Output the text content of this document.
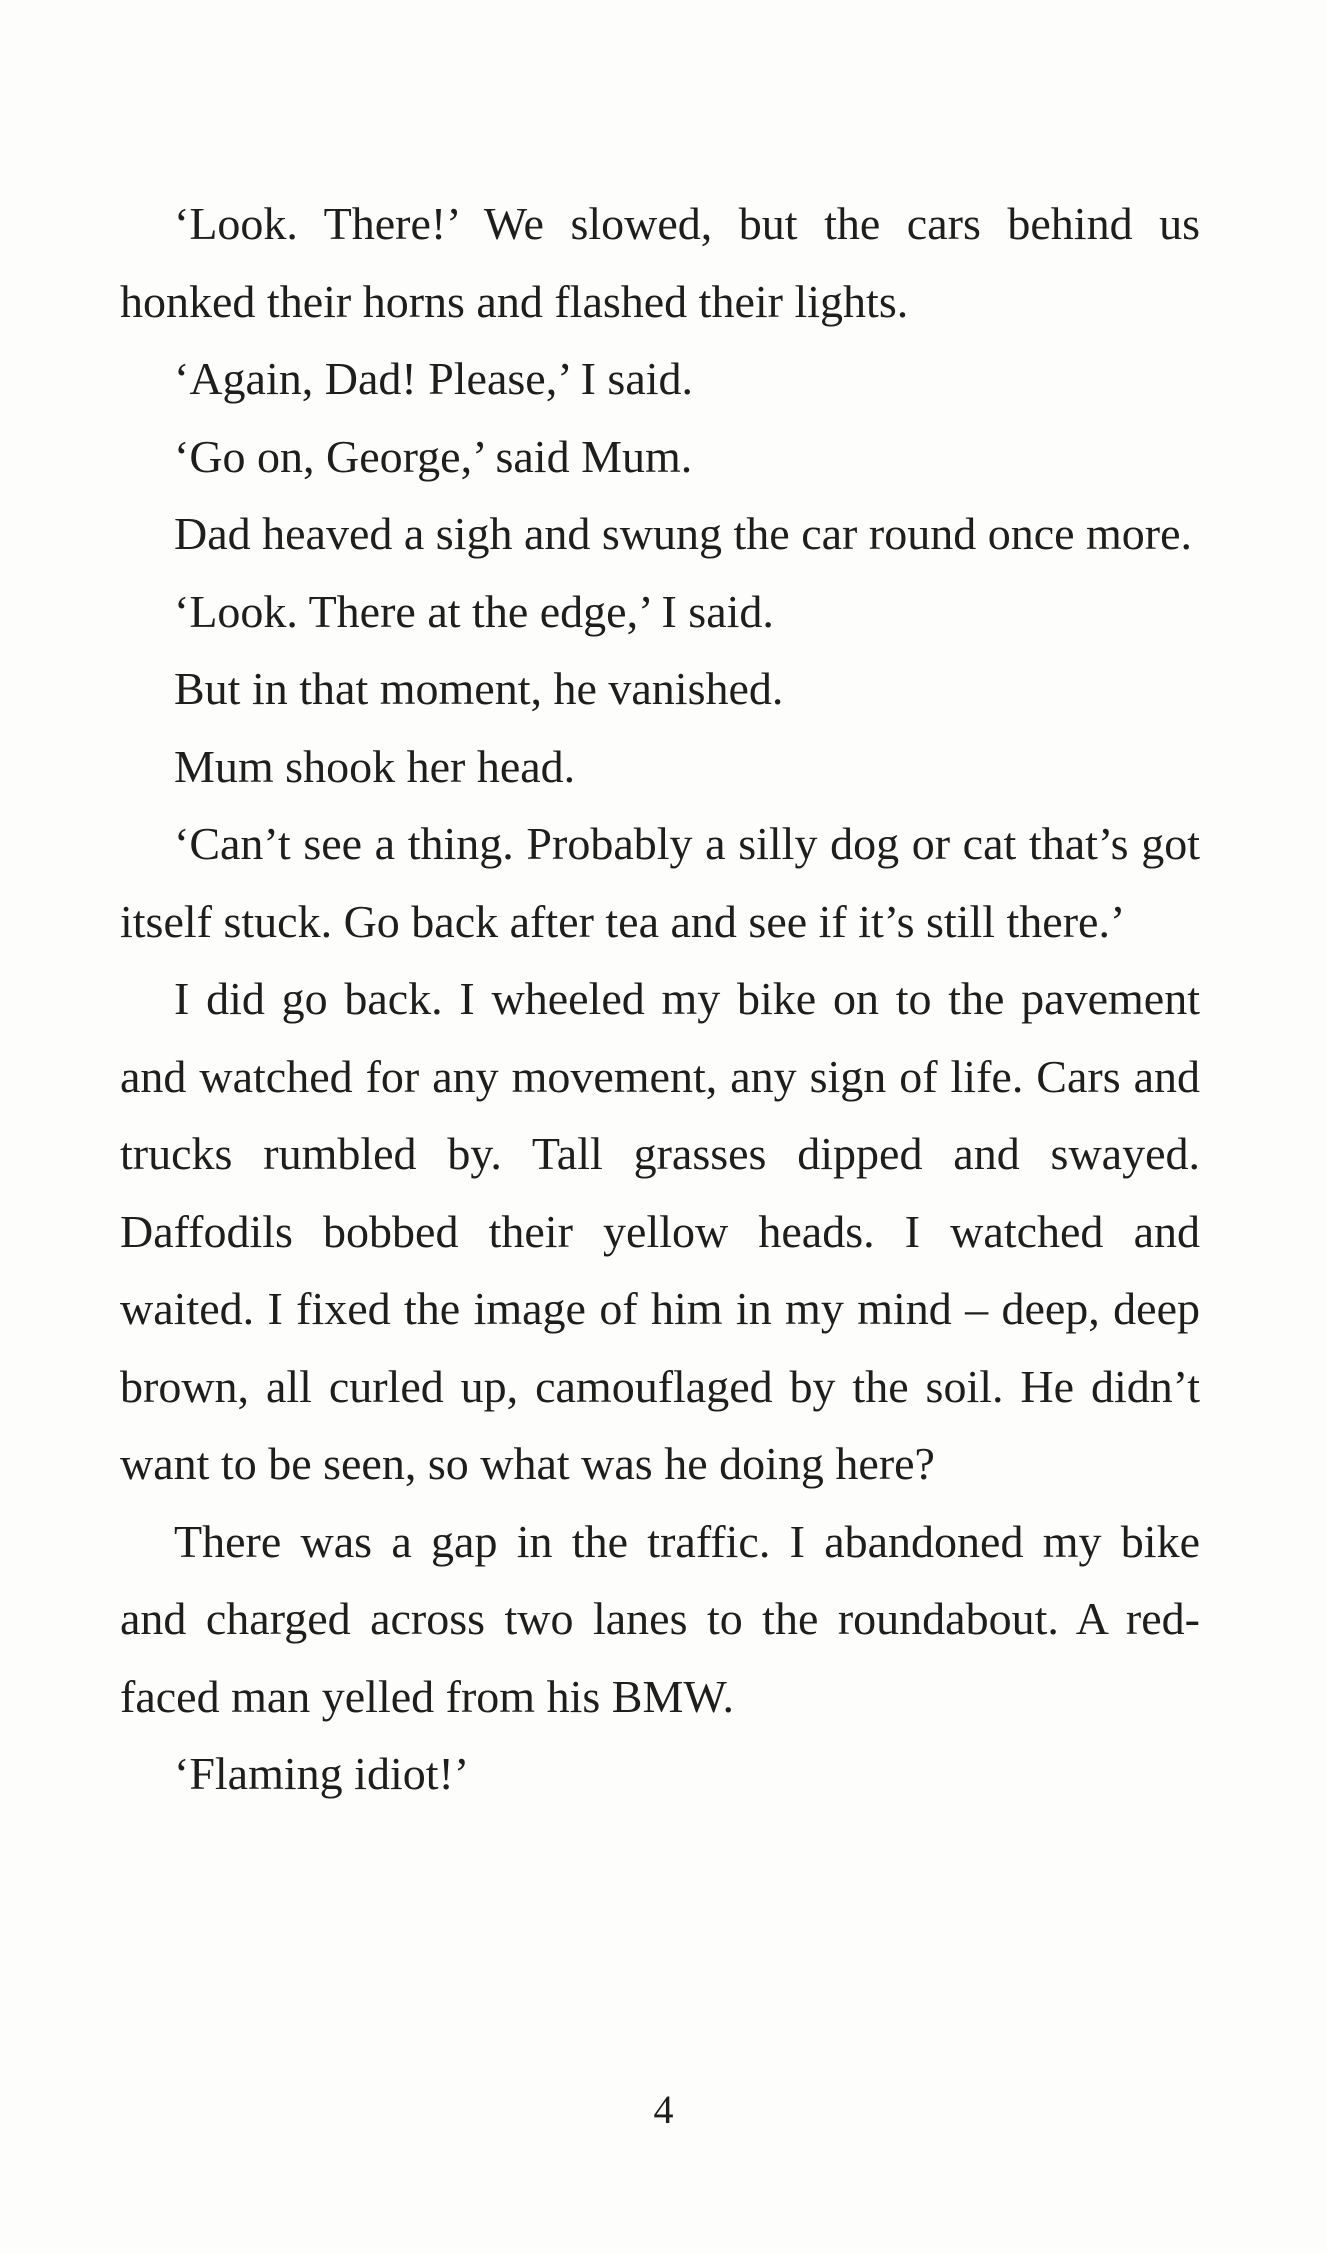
‘Look. There!’ We slowed, but the cars behind us honked their horns and flashed their lights.

‘Again, Dad! Please,’ I said.

‘Go on, George,’ said Mum.

Dad heaved a sigh and swung the car round once more.

‘Look. There at the edge,’ I said.

But in that moment, he vanished.

Mum shook her head.

‘Can’t see a thing. Probably a silly dog or cat that’s got itself stuck. Go back after tea and see if it’s still there.’

I did go back. I wheeled my bike on to the pavement and watched for any movement, any sign of life. Cars and trucks rumbled by. Tall grasses dipped and swayed. Daffodils bobbed their yellow heads. I watched and waited. I fixed the image of him in my mind – deep, deep brown, all curled up, camouflaged by the soil. He didn’t want to be seen, so what was he doing here?

There was a gap in the traffic. I abandoned my bike and charged across two lanes to the roundabout. A red-faced man yelled from his BMW.

‘Flaming idiot!’

4
